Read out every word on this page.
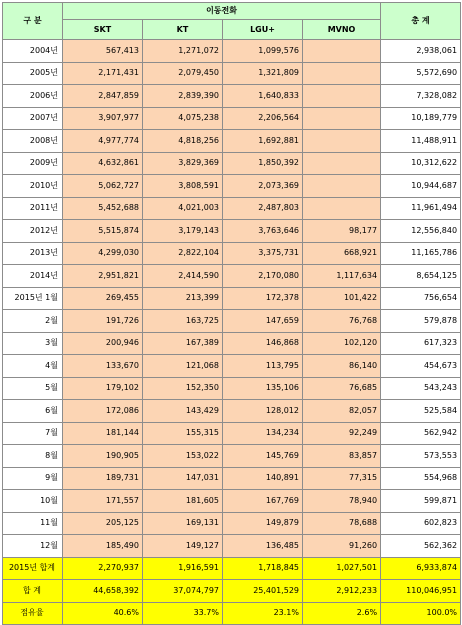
구 분	이동전화				총 계
	SKT	KT	LGU+	MVNO	
2004년	567,413	1,271,072	1,099,576		2,938,061
2005년	2,171,431	2,079,450	1,321,809		5,572,690
2006년	2,847,859	2,839,390	1,640,833		7,328,082
2007년	3,907,977	4,075,238	2,206,564		10,189,779
2008년	4,977,774	4,818,256	1,692,881		11,488,911
2009년	4,632,861	3,829,369	1,850,392		10,312,622
2010년	5,062,727	3,808,591	2,073,369		10,944,687
2011년	5,452,688	4,021,003	2,487,803		11,961,494
2012년	5,515,874	3,179,143	3,763,646	98,177	12,556,840
2013년	4,299,030	2,822,104	3,375,731	668,921	11,165,786
2014년	2,951,821	2,414,590	2,170,080	1,117,634	8,654,125
2015년 1월	269,455	213,399	172,378	101,422	756,654
2월	191,726	163,725	147,659	76,768	579,878
3월	200,946	167,389	146,868	102,120	617,323
4월	133,670	121,068	113,795	86,140	454,673
5월	179,102	152,350	135,106	76,685	543,243
6월	172,086	143,429	128,012	82,057	525,584
7월	181,144	155,315	134,234	92,249	562,942
8월	190,905	153,022	145,769	83,857	573,553
9월	189,731	147,031	140,891	77,315	554,968
10월	171,557	181,605	167,769	78,940	599,871
11월	205,125	169,131	149,879	78,688	602,823
12월	185,490	149,127	136,485	91,260	562,362
2015년 합계	2,270,937	1,916,591	1,718,845	1,027,501	6,933,874
합 계	44,658,392	37,074,797	25,401,529	2,912,233	110,046,951
점유율	40.6%	33.7%	23.1%	2.6%	100.0%
